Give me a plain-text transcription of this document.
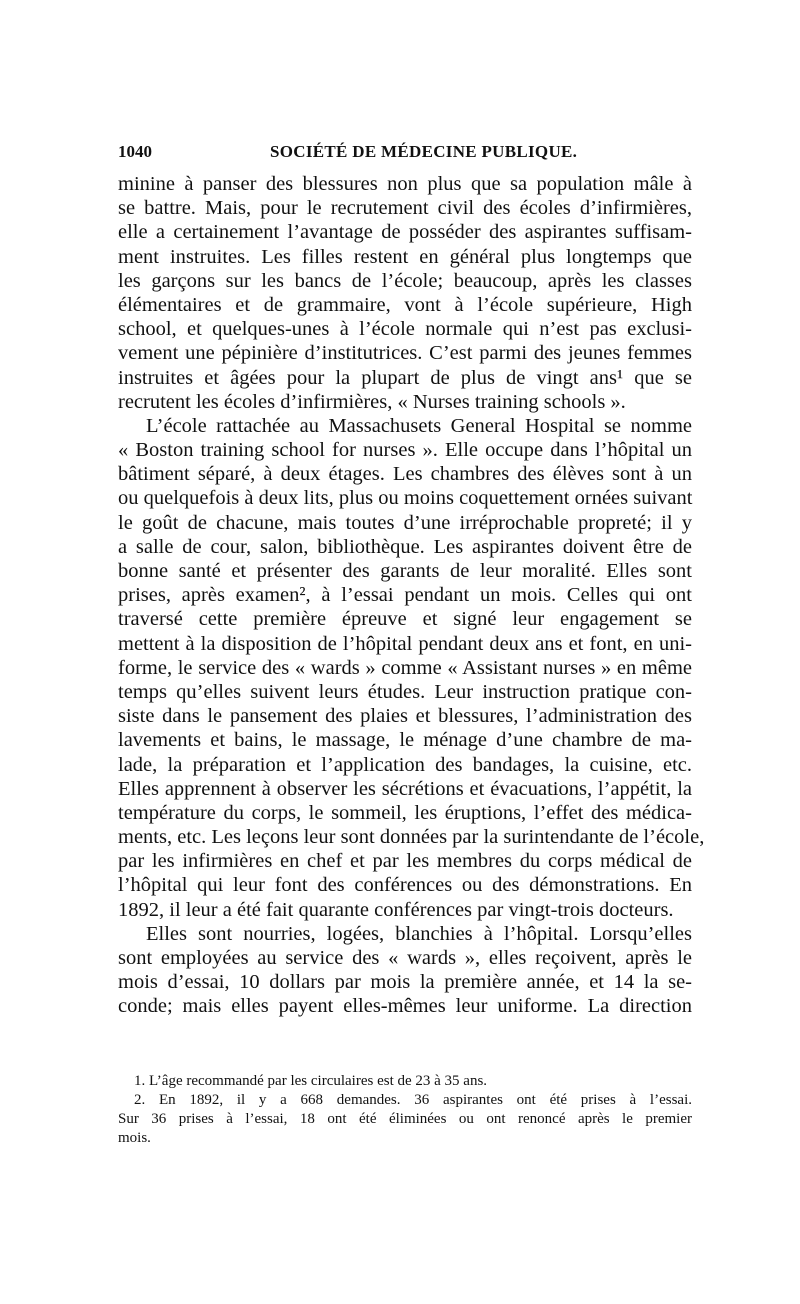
1040	SOCIÉTÉ DE MÉDECINE PUBLIQUE.
minine à panser des blessures non plus que sa population mâle à
se battre. Mais, pour le recrutement civil des écoles d’infirmières,
elle a certainement l’avantage de posséder des aspirantes suffisam-
ment instruites. Les filles restent en général plus longtemps que
les garçons sur les bancs de l’école; beaucoup, après les classes
élémentaires et de grammaire, vont à l’école supérieure, High
school, et quelques-unes à l’école normale qui n’est pas exclusi-
vement une pépinière d’institutrices. C’est parmi des jeunes femmes
instruites et âgées pour la plupart de plus de vingt ans¹ que se
recrutent les écoles d’infirmières, « Nurses training schools ».
L’école rattachée au Massachusets General Hospital se nomme
« Boston training school for nurses ». Elle occupe dans l’hôpital un
bâtiment séparé, à deux étages. Les chambres des élèves sont à un
ou quelquefois à deux lits, plus ou moins coquettement ornées suivant
le goût de chacune, mais toutes d’une irréprochable propreté; il y
a salle de cour, salon, bibliothèque. Les aspirantes doivent être de
bonne santé et présenter des garants de leur moralité. Elles sont
prises, après examen², à l’essai pendant un mois. Celles qui ont
traversé cette première épreuve et signé leur engagement se
mettent à la disposition de l’hôpital pendant deux ans et font, en uni-
forme, le service des « wards » comme « Assistant nurses » en même
temps qu’elles suivent leurs études. Leur instruction pratique con-
siste dans le pansement des plaies et blessures, l’administration des
lavements et bains, le massage, le ménage d’une chambre de ma-
lade, la préparation et l’application des bandages, la cuisine, etc.
Elles apprennent à observer les sécrétions et évacuations, l’appétit, la
température du corps, le sommeil, les éruptions, l’effet des médica-
ments, etc. Les leçons leur sont données par la surintendante de l’école,
par les infirmières en chef et par les membres du corps médical de
l’hôpital qui leur font des conférences ou des démonstrations. En
1892, il leur a été fait quarante conférences par vingt-trois docteurs.
Elles sont nourries, logées, blanchies à l’hôpital. Lorsqu’elles
sont employées au service des « wards », elles reçoivent, après le
mois d’essai, 10 dollars par mois la première année, et 14 la se-
conde; mais elles payent elles-mêmes leur uniforme. La direction
1. L’âge recommandé par les circulaires est de 23 à 35 ans.
2. En 1892, il y a 668 demandes. 36 aspirantes ont été prises à l’essai.
Sur 36 prises à l’essai, 18 ont été éliminées ou ont renoncé après le premier
mois.
